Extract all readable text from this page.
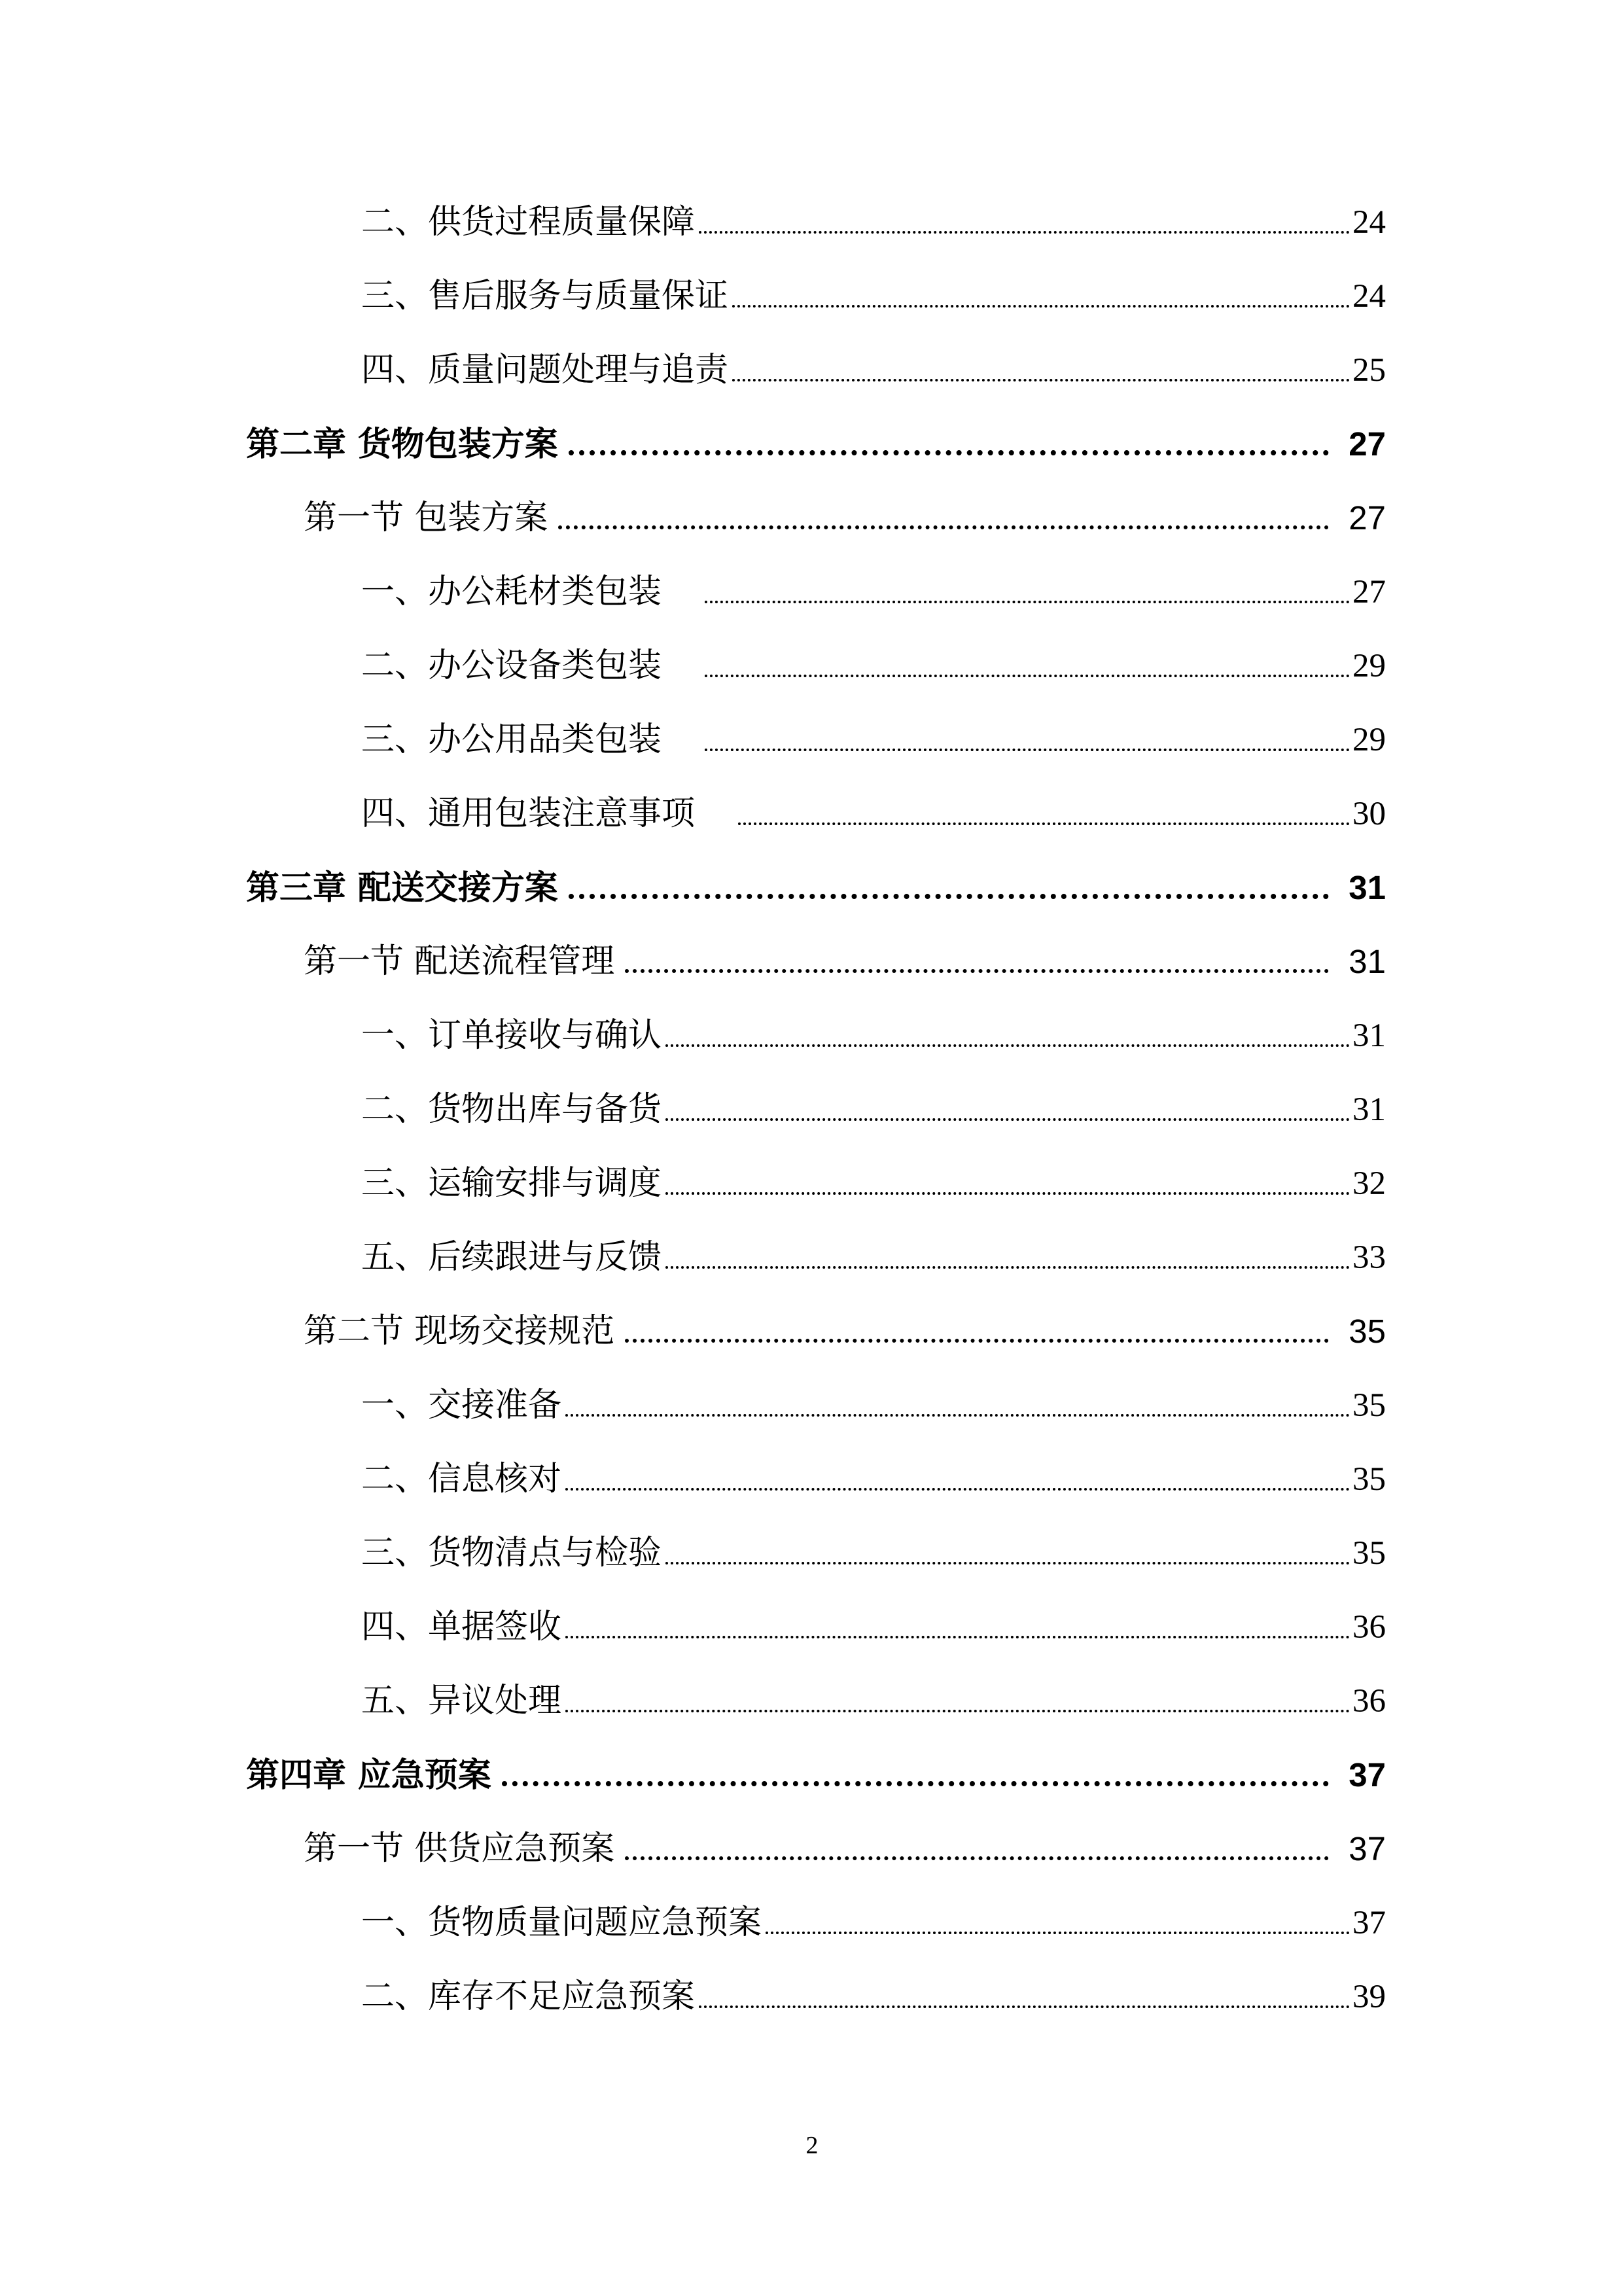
二、供货过程质量保障	24
三、售后服务与质量保证	24
四、质量问题处理与追责	25
第二章 货物包装方案	27
第一节 包装方案	27
一、办公耗材类包装	27
二、办公设备类包装	29
三、办公用品类包装	29
四、通用包装注意事项	30
第三章 配送交接方案	31
第一节 配送流程管理	31
一、订单接收与确认	31
二、货物出库与备货	31
三、运输安排与调度	32
五、后续跟进与反馈	33
第二节 现场交接规范	35
一、交接准备	35
二、信息核对	35
三、货物清点与检验	35
四、单据签收	36
五、异议处理	36
第四章 应急预案	37
第一节 供货应急预案	37
一、货物质量问题应急预案	37
二、库存不足应急预案	39
2
